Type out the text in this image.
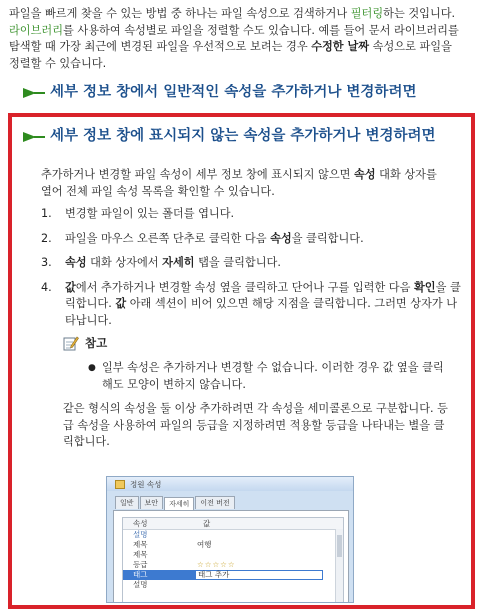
파일을 빠르게 찾을 수 있는 방법 중 하나는 파일 속성으로 검색하거나 필터링하는 것입니다. 라이브러리를 사용하여 속성별로 파일을 정렬할 수도 있습니다. 예를 들어 문서 라이브러리를 탐색할 때 가장 최근에 변경된 파일을 우선적으로 보려는 경우 수정한 날짜 속성으로 파일을 정렬할 수 있습니다.
세부 정보 창에서 일반적인 속성을 추가하거나 변경하려면
세부 정보 창에 표시되지 않는 속성을 추가하거나 변경하려면
추가하거나 변경할 파일 속성이 세부 정보 창에 표시되지 않으면 속성 대화 상자를 열어 전체 파일 속성 목록을 확인할 수 있습니다.
1.	변경할 파일이 있는 폴더를 엽니다.
2.	파일을 마우스 오른쪽 단추로 클릭한 다음 속성을 클릭합니다.
3.	속성 대화 상자에서 자세히 탭을 클릭합니다.
4.	값에서 추가하거나 변경할 속성 옆을 클릭하고 단어나 구를 입력한 다음 확인을 클릭합니다. 값 아래 섹션이 비어 있으면 해당 지점을 클릭합니다. 그러면 상자가 나타납니다.
참고
● 일부 속성은 추가하거나 변경할 수 없습니다. 이러한 경우 값 옆을 클릭해도 모양이 변하지 않습니다.
같은 형식의 속성을 둘 이상 추가하려면 각 속성을 세미콜론으로 구분합니다. 등급 속성을 사용하여 파일의 등급을 지정하려면 적용할 등급을 나타내는 별을 클릭합니다.
정원 속성
일반	보안	자세히	이전 버전
속성	값
설명
제목	여행
제목
등급	☆☆☆☆☆
태그	태그 추가
설명
